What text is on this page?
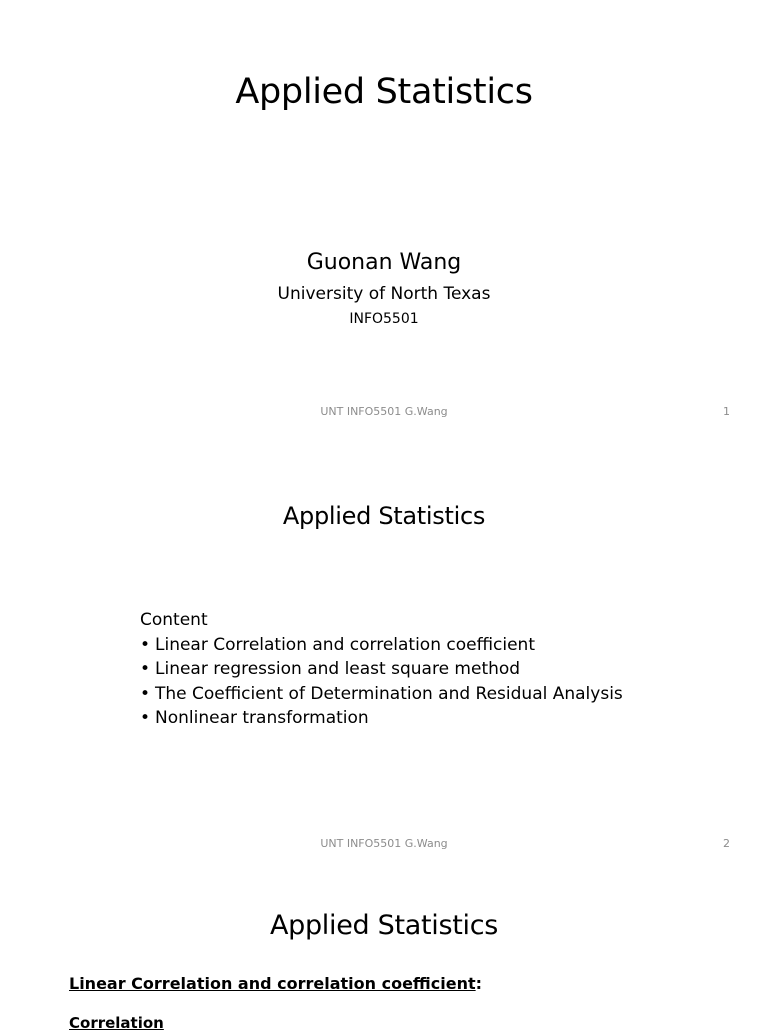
Applied Statistics
Guonan Wang
University of North Texas
INFO5501
UNT INFO5501 G.Wang	1
Applied Statistics

Content

• Linear Correlation and correlation coefficient
• Linear regression and least square method
• The Coefficient of Determination and Residual Analysis
• Nonlinear transformation
UNT INFO5501 G.Wang	2
Applied Statistics

Linear Correlation and correlation coefficient:

Correlation
